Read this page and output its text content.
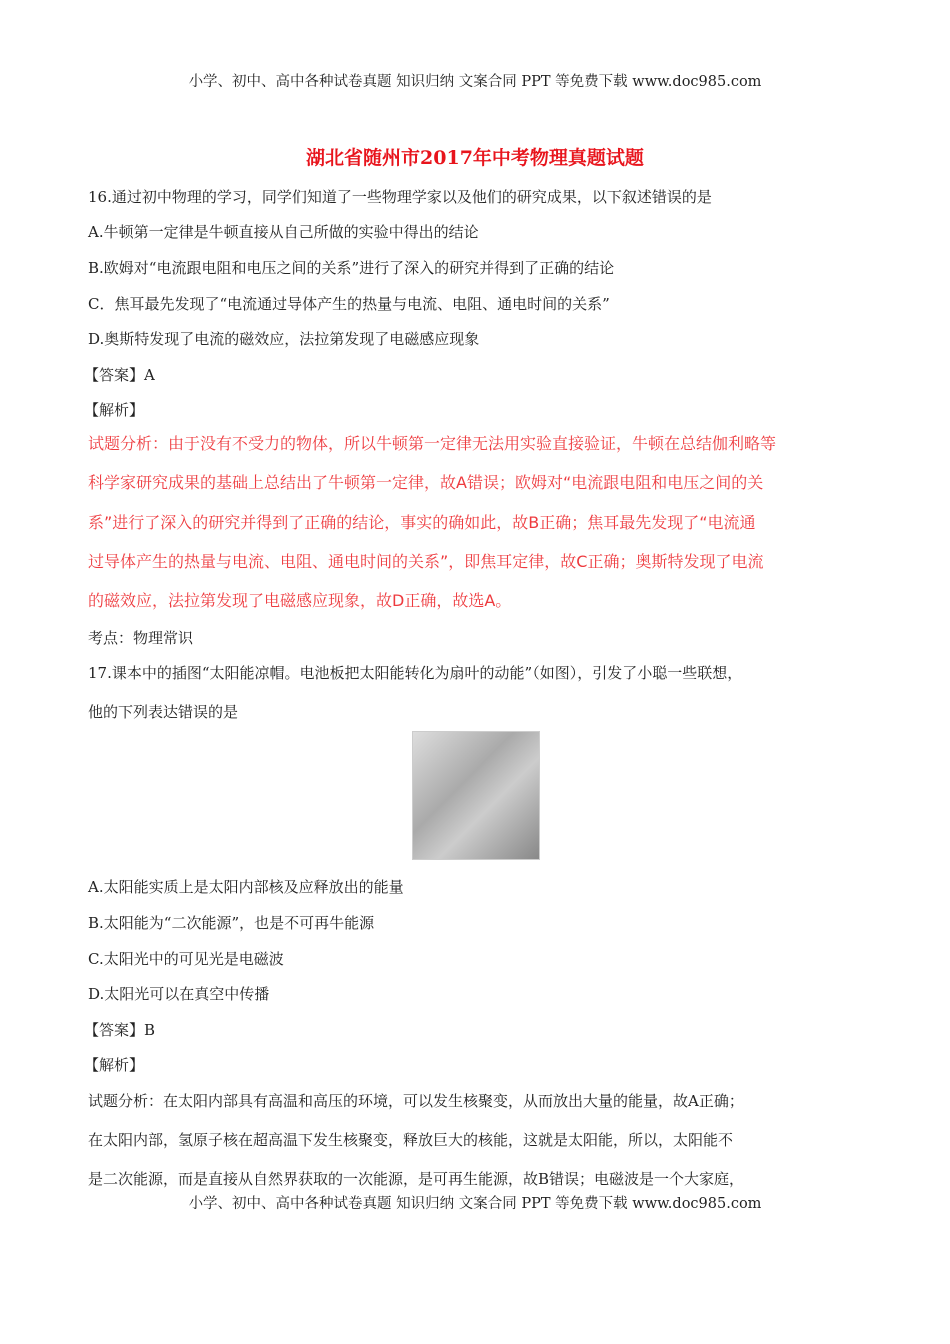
小学、初中、高中各种试卷真题 知识归纳 文案合同 PPT 等免费下载 www.doc985.com
湖北省随州市2017年中考物理真题试题
16.通过初中物理的学习，同学们知道了一些物理学家以及他们的研究成果，以下叙述错误的是
A.牛顿第一定律是牛顿直接从自己所做的实验中得出的结论
B.欧姆对“电流跟电阻和电压之间的关系”进行了深入的研究并得到了正确的结论
C．焦耳最先发现了“电流通过导体产生的热量与电流、电阻、通电时间的关系”
D.奥斯特发现了电流的磁效应，法拉第发现了电磁感应现象
【答案】A
【解析】
试题分析：由于没有不受力的物体，所以牛顿第一定律无法用实验直接验证，牛顿在总结伽利略等
科学家研究成果的基础上总结出了牛顿第一定律，故A错误；欧姆对“电流跟电阻和电压之间的关
系”进行了深入的研究并得到了正确的结论，事实的确如此，故B正确；焦耳最先发现了“电流通
过导体产生的热量与电流、电阻、通电时间的关系”，即焦耳定律，故C正确；奥斯特发现了电流
的磁效应，法拉第发现了电磁感应现象，故D正确，故选A。
考点：物理常识
17.课本中的插图“太阳能凉帽。电池板把太阳能转化为扇叶的动能”（如图），引发了小聪一些联想，
他的下列表达错误的是
A.太阳能实质上是太阳内部核及应释放出的能量
B.太阳能为“二次能源”，也是不可再牛能源
C.太阳光中的可见光是电磁波
D.太阳光可以在真空中传播
【答案】B
【解析】
试题分析：在太阳内部具有高温和高压的环境，可以发生核聚变，从而放出大量的能量，故A正确；
在太阳内部，氢原子核在超高温下发生核聚变，释放巨大的核能，这就是太阳能，所以，太阳能不
是二次能源，而是直接从自然界获取的一次能源，是可再生能源，故B错误；电磁波是一个大家庭，
小学、初中、高中各种试卷真题 知识归纳 文案合同 PPT 等免费下载 www.doc985.com
